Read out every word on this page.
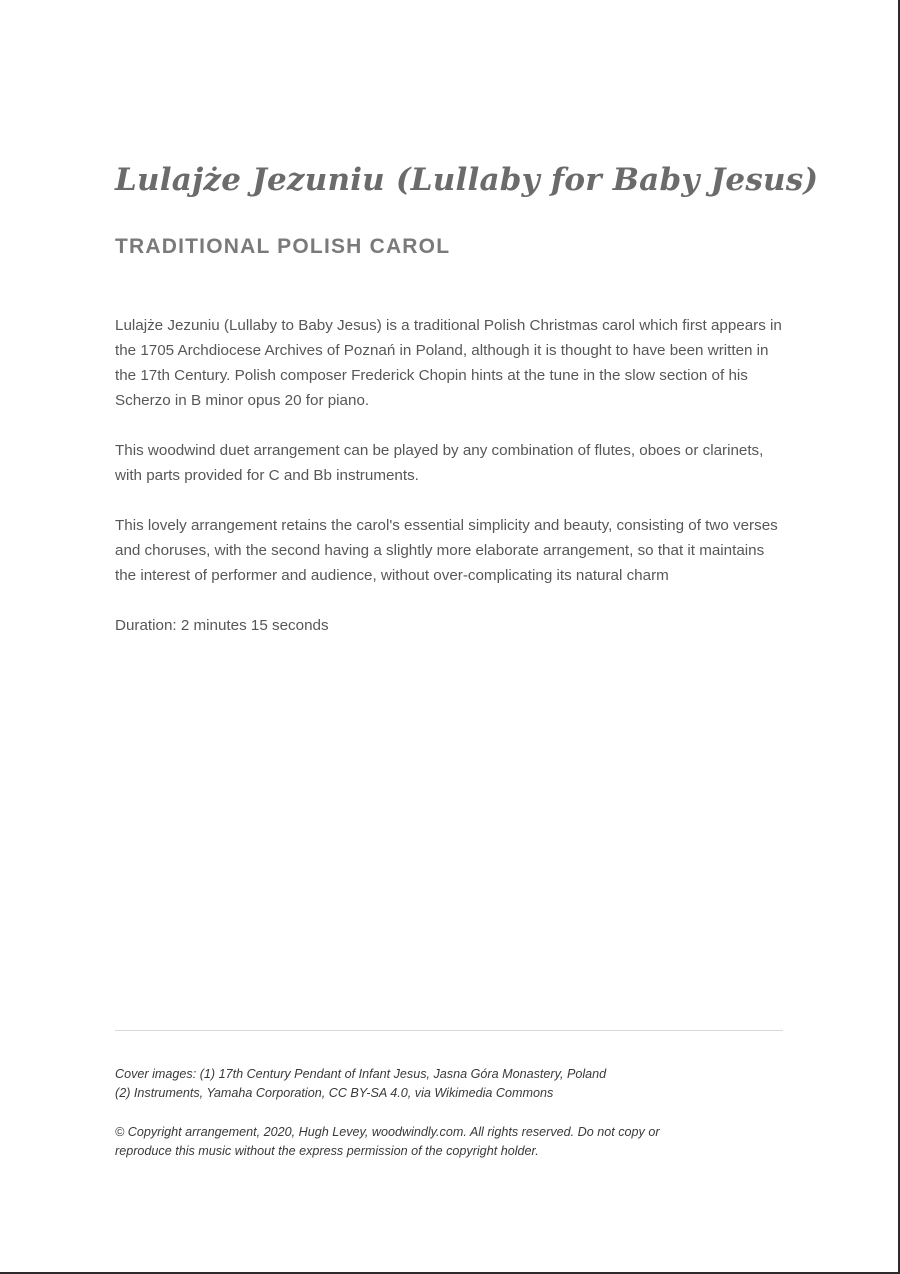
Lulajże Jezuniu (Lullaby for Baby Jesus)
TRADITIONAL POLISH CAROL

Lulajże Jezuniu (Lullaby to Baby Jesus) is a traditional Polish Christmas carol which first appears in the 1705 Archdiocese Archives of Poznań in Poland, although it is thought to have been written in the 17th Century. Polish composer Frederick Chopin hints at the tune in the slow section of his Scherzo in B minor opus 20 for piano.

This woodwind duet arrangement can be played by any combination of flutes, oboes or clarinets, with parts provided for C and Bb instruments.

This lovely arrangement retains the carol's essential simplicity and beauty, consisting of two verses and choruses, with the second having a slightly more elaborate arrangement, so that it maintains the interest of performer and audience, without over-complicating its natural charm

Duration: 2 minutes 15 seconds

Cover images: (1) 17th Century Pendant of Infant Jesus, Jasna Góra Monastery, Poland
(2) Instruments, Yamaha Corporation, CC BY-SA 4.0, via Wikimedia Commons

© Copyright arrangement, 2020, Hugh Levey, woodwindly.com. All rights reserved. Do not copy or
reproduce this music without the express permission of the copyright holder.
